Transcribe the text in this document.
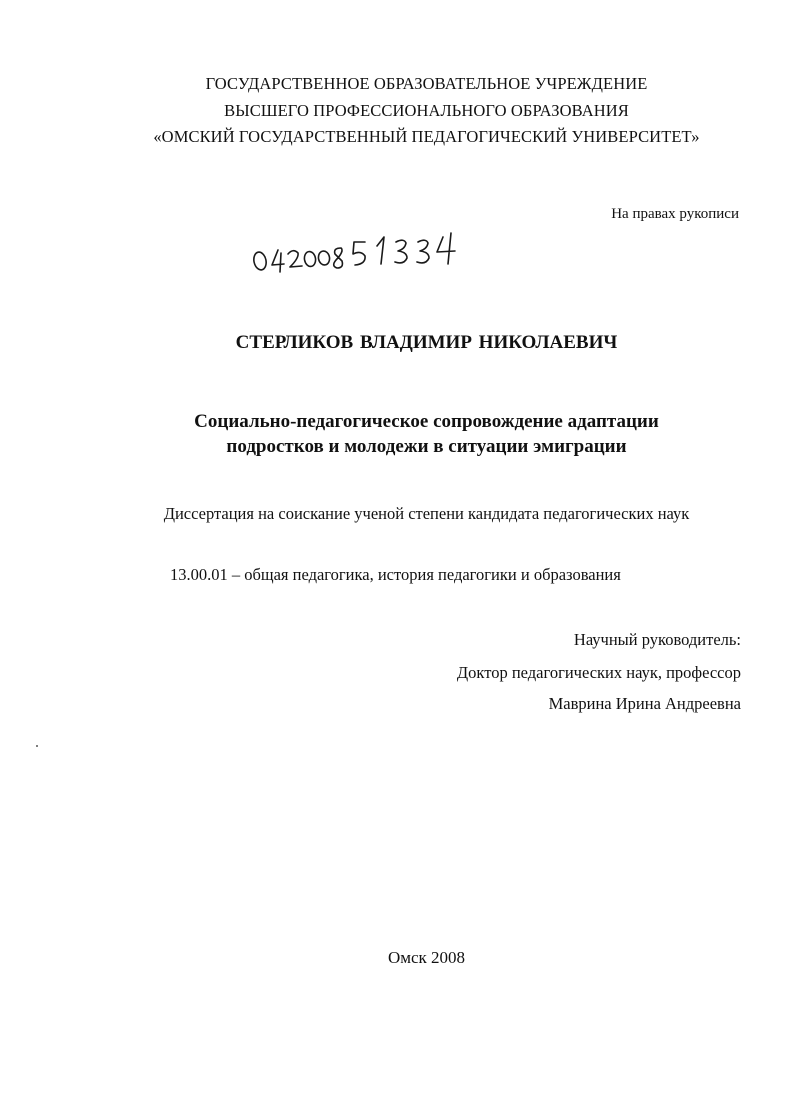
ГОСУДАРСТВЕННОЕ ОБРАЗОВАТЕЛЬНОЕ УЧРЕЖДЕНИЕ
ВЫСШЕГО ПРОФЕССИОНАЛЬНОГО ОБРАЗОВАНИЯ
«ОМСКИЙ ГОСУДАРСТВЕННЫЙ ПЕДАГОГИЧЕСКИЙ УНИВЕРСИТЕТ»
На правах рукописи
СТЕРЛИКОВ ВЛАДИМИР НИКОЛАЕВИЧ
Социально-педагогическое сопровождение адаптации
подростков и молодежи в ситуации эмиграции
Диссертация на соискание ученой степени кандидата педагогических наук
13.00.01 – общая педагогика, история педагогики и образования
Научный руководитель:
Доктор педагогических наук, профессор
Маврина Ирина Андреевна
Омск 2008
